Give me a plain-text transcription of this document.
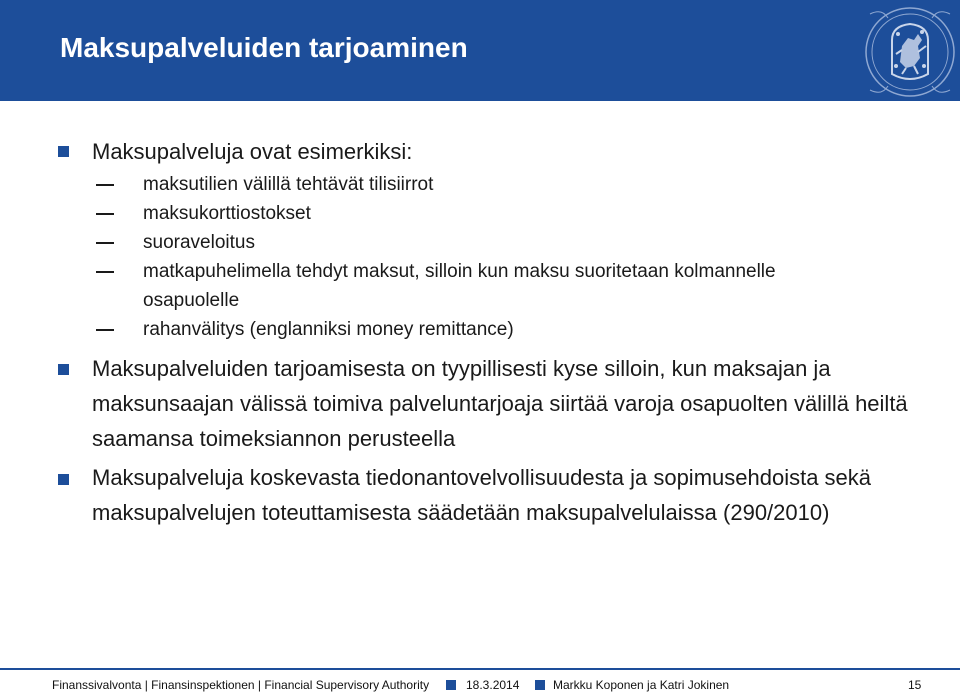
Maksupalveluiden tarjoaminen
Maksupalveluja ovat esimerkiksi:
maksutilien välillä tehtävät tilisiirrot
maksukorttiostokset
suoraveloitus
matkapuhelimella tehdyt maksut, silloin kun maksu suoritetaan kolmannelle osapuolelle
rahanvälitys (englanniksi money remittance)
Maksupalveluiden tarjoamisesta on tyypillisesti kyse silloin, kun maksajan ja maksunsaajan välissä toimiva palveluntarjoaja siirtää varoja osapuolten välillä heiltä saamansa toimeksiannon perusteella
Maksupalveluja koskevasta tiedonantovelvollisuudesta ja sopimusehdoista sekä maksupalvelujen toteuttamisesta säädetään maksupalvelulaissa (290/2010)
Finanssivalvonta | Finansinspektionen | Financial Supervisory Authority	18.3.2014	Markku Koponen ja Katri Jokinen	15
